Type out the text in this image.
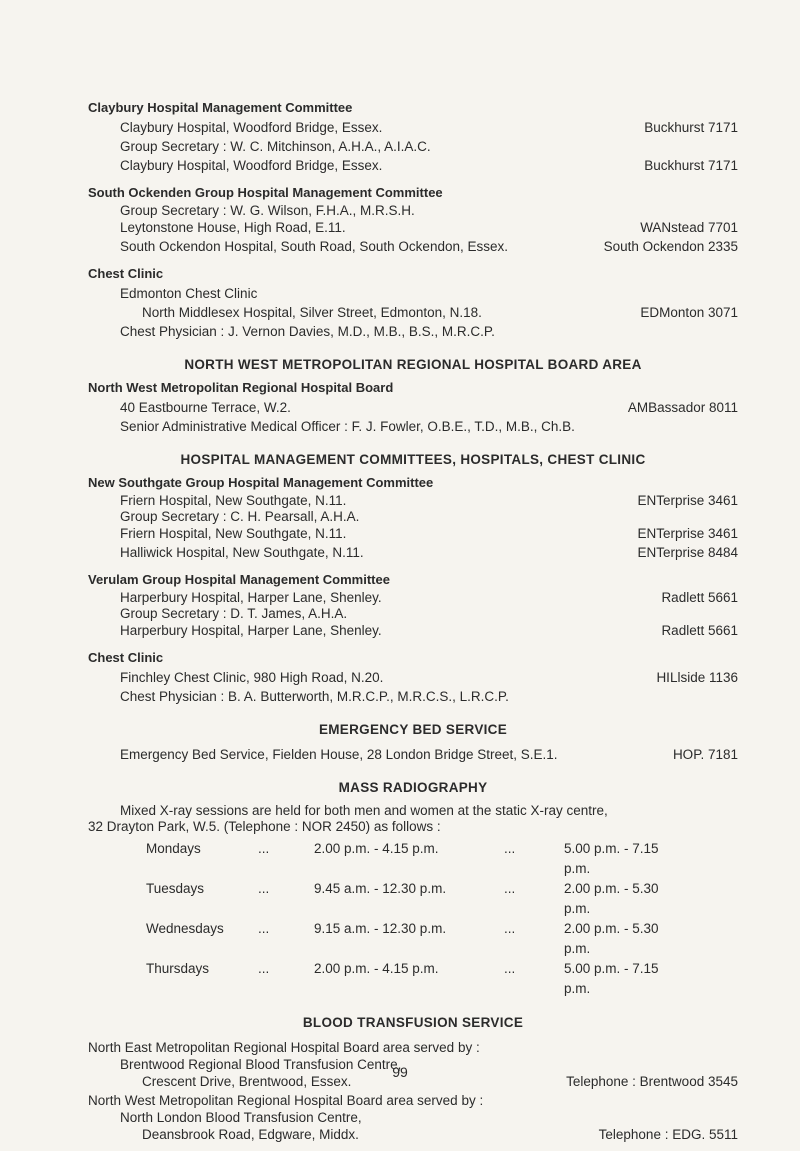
Claybury Hospital Management Committee
Claybury Hospital, Woodford Bridge, Essex.	Buckhurst 7171
Group Secretary : W. C. Mitchinson, A.H.A., A.I.A.C.
Claybury Hospital, Woodford Bridge, Essex.	Buckhurst 7171
South Ockenden Group Hospital Management Committee
Group Secretary : W. G. Wilson, F.H.A., M.R.S.H.
Leytonstone House, High Road, E.11.	WANstead 7701
South Ockendon Hospital, South Road, South Ockendon, Essex.	South Ockendon 2335
Chest Clinic
Edmonton Chest Clinic
North Middlesex Hospital, Silver Street, Edmonton, N.18.	EDMonton 3071
Chest Physician : J. Vernon Davies, M.D., M.B., B.S., M.R.C.P.
NORTH WEST METROPOLITAN REGIONAL HOSPITAL BOARD AREA
North West Metropolitan Regional Hospital Board
40 Eastbourne Terrace, W.2.	AMBassador 8011
Senior Administrative Medical Officer : F. J. Fowler, O.B.E., T.D., M.B., Ch.B.
HOSPITAL MANAGEMENT COMMITTEES, HOSPITALS, CHEST CLINIC
New Southgate Group Hospital Management Committee
Friern Hospital, New Southgate, N.11.	ENTerprise 3461
Group Secretary : C. H. Pearsall, A.H.A.
Friern Hospital, New Southgate, N.11.	ENTerprise 3461
Halliwick Hospital, New Southgate, N.11.	ENTerprise 8484
Verulam Group Hospital Management Committee
Harperbury Hospital, Harper Lane, Shenley.	Radlett 5661
Group Secretary : D. T. James, A.H.A.
Harperbury Hospital, Harper Lane, Shenley.	Radlett 5661
Chest Clinic
Finchley Chest Clinic, 980 High Road, N.20.	HILlside 1136
Chest Physician : B. A. Butterworth, M.R.C.P., M.R.C.S., L.R.C.P.
EMERGENCY BED SERVICE
Emergency Bed Service, Fielden House, 28 London Bridge Street, S.E.1.	HOP. 7181
MASS RADIOGRAPHY
Mixed X-ray sessions are held for both men and women at the static X-ray centre,
32 Drayton Park, W.5. (Telephone : NOR 2450) as follows :
Mondays	...	2.00 p.m. - 4.15 p.m.	...	5.00 p.m. - 7.15 p.m.
Tuesdays	...	9.45 a.m. - 12.30 p.m.	...	2.00 p.m. - 5.30 p.m.
Wednesdays	...	9.15 a.m. - 12.30 p.m.	...	2.00 p.m. - 5.30 p.m.
Thursdays	...	2.00 p.m. - 4.15 p.m.	...	5.00 p.m. - 7.15 p.m.
BLOOD TRANSFUSION SERVICE
North East Metropolitan Regional Hospital Board area served by :
Brentwood Regional Blood Transfusion Centre,
Crescent Drive, Brentwood, Essex.	Telephone : Brentwood 3545
North West Metropolitan Regional Hospital Board area served by :
North London Blood Transfusion Centre,
Deansbrook Road, Edgware, Middx.	Telephone : EDG. 5511
99
